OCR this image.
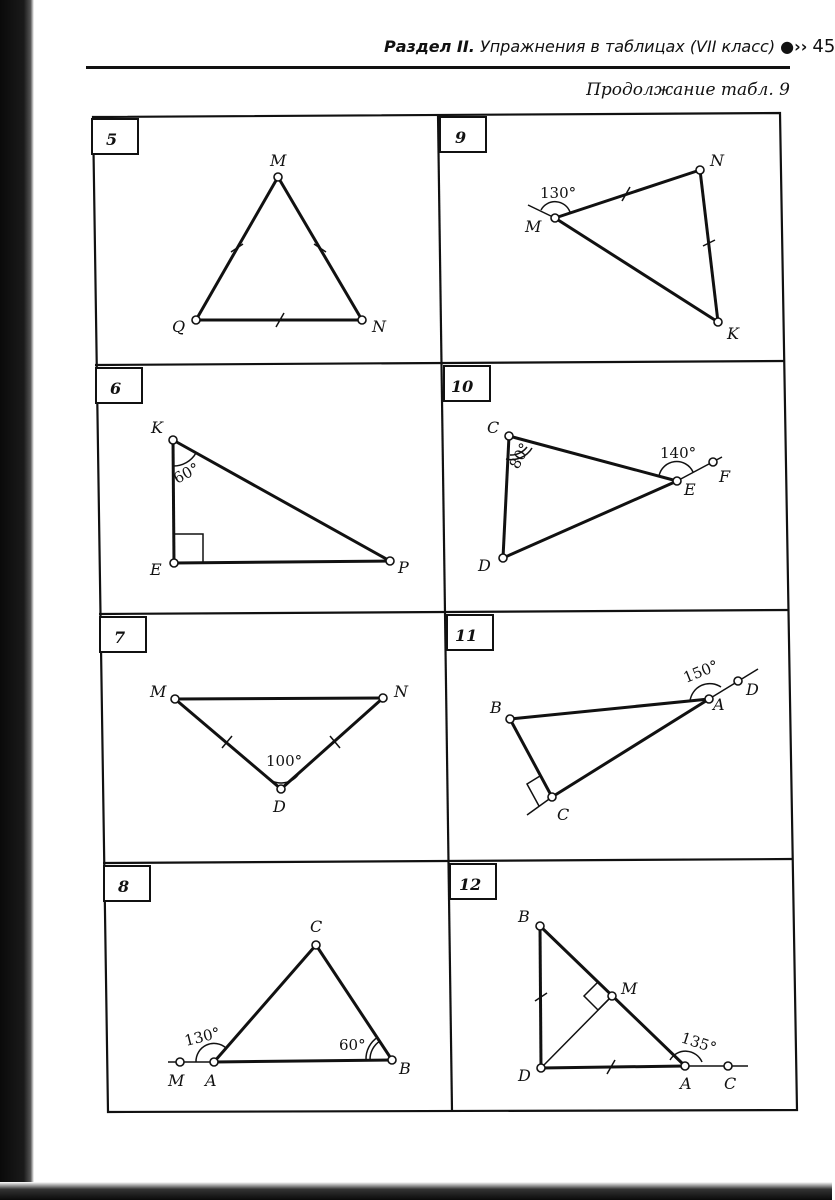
Раздел II. Упражнения в таблицах (VII класс) ●›› 45
Продолжание табл. 9
5
M
N
Q
9
130°
M
N
K
6
60°
K
E	P
10
80°	140°
C
D
E
F
7
100°
M	N
D
11
150°
B	A
C
D
8
130°	60°
C
M A
B
12
135°
B
M
D	A C
